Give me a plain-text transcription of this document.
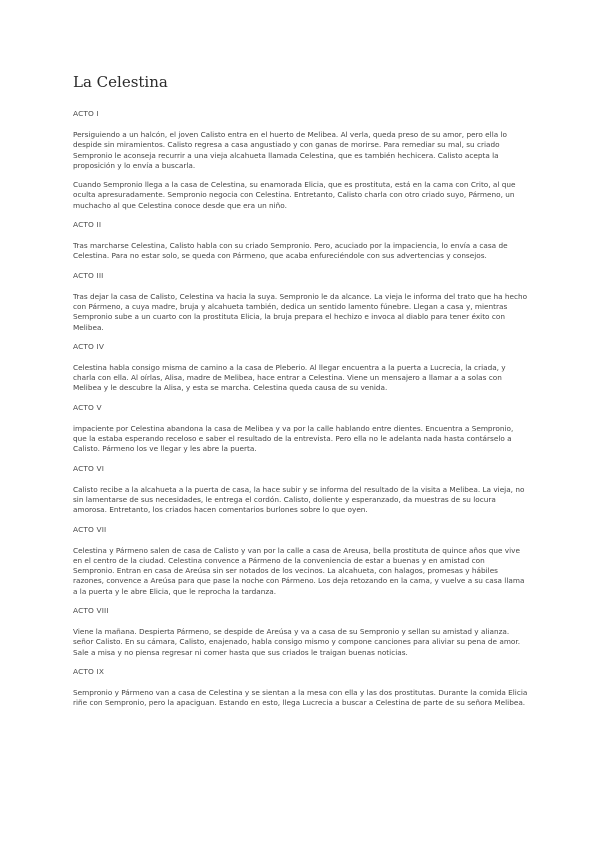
La Celestina
ACTO I

Persiguiendo a un halcón, el joven Calisto entra en el huerto de Melibea. Al verla, queda preso de su amor, pero ella lo despide sin miramientos. Calisto regresa a casa angustiado y con ganas de morirse. Para remediar su mal, su criado Sempronio le aconseja recurrir a una vieja alcahueta llamada Celestina, que es también hechicera. Calisto acepta la proposición y lo envía a buscarla.

Cuando Sempronio llega a la casa de Celestina, su enamorada Elicia, que es prostituta, está en la cama con Crito, al que oculta apresuradamente. Sempronio negocia con Celestina. Entretanto, Calisto charla con otro criado suyo, Pármeno, un muchacho al que Celestina conoce desde que era un niño.

ACTO II

Tras marcharse Celestina, Calisto habla con su criado Sempronio. Pero, acuciado por la impaciencia, lo envía a casa de Celestina. Para no estar solo, se queda con Pármeno, que acaba enfureciéndole con sus advertencias y consejos.

ACTO III

Tras dejar la casa de Calisto, Celestina va hacia la suya. Sempronio le da alcance. La vieja le informa del trato que ha hecho con Pármeno, a cuya madre, bruja y alcahueta también, dedica un sentido lamento fúnebre. Llegan a casa y, mientras Sempronio sube a un cuarto con la prostituta Elicia, la bruja prepara el hechizo e invoca al diablo para tener éxito con Melibea.

ACTO IV

Celestina habla consigo misma de camino a la casa de Pleberio. Al llegar encuentra a la puerta a Lucrecia, la criada, y charla con ella. Al oírlas, Alisa, madre de Melibea, hace entrar a Celestina. Viene un mensajero a llamar a a solas con Melibea y le descubre la Alisa, y esta se marcha. Celestina queda causa de su venida.

ACTO V

impaciente por Celestina abandona la casa de Melibea y va por la calle hablando entre dientes. Encuentra a Sempronio, que la estaba esperando receloso e saber el resultado de la entrevista. Pero ella no le adelanta nada hasta contárselo a Calisto. Pármeno los ve llegar y les abre la puerta.

ACTO VI

Calisto recibe a la alcahueta a la puerta de casa, la hace subir y se informa del resultado de la visita a Melibea. La vieja, no sin lamentarse de sus necesidades, le entrega el cordón. Calisto, doliente y esperanzado, da muestras de su locura amorosa. Entretanto, los criados hacen comentarios burlones sobre lo que oyen.

ACTO VII

Celestina y Pármeno salen de casa de Calisto y van por la calle a casa de Areusa, bella prostituta de quince años que vive en el centro de la ciudad. Celestina convence a Pármeno de la conveniencia de estar a buenas y en amistad con Sempronio. Entran en casa de Areúsa sin ser notados de los vecinos. La alcahueta, con halagos, promesas y hábiles razones, convence a Areúsa para que pase la noche con Pármeno. Los deja retozando en la cama, y vuelve a su casa llama a la puerta y le abre Elicia, que le reprocha la tardanza.

ACTO VIII

Viene la mañana. Despierta Pármeno, se despide de Areúsa y va a casa de su Sempronio y sellan su amistad y alianza. señor Calisto. En su cámara, Calisto, enajenado, habla consigo mismo y compone canciones para aliviar su pena de amor. Sale a misa y no piensa regresar ni comer hasta que sus criados le traigan buenas noticias.

ACTO IX

Sempronio y Pármeno van a casa de Celestina y se sientan a la mesa con ella y las dos prostitutas. Durante la comida Elicia riñe con Sempronio, pero la apaciguan. Estando en esto, llega Lucrecia a buscar a Celestina de parte de su señora Melibea.
